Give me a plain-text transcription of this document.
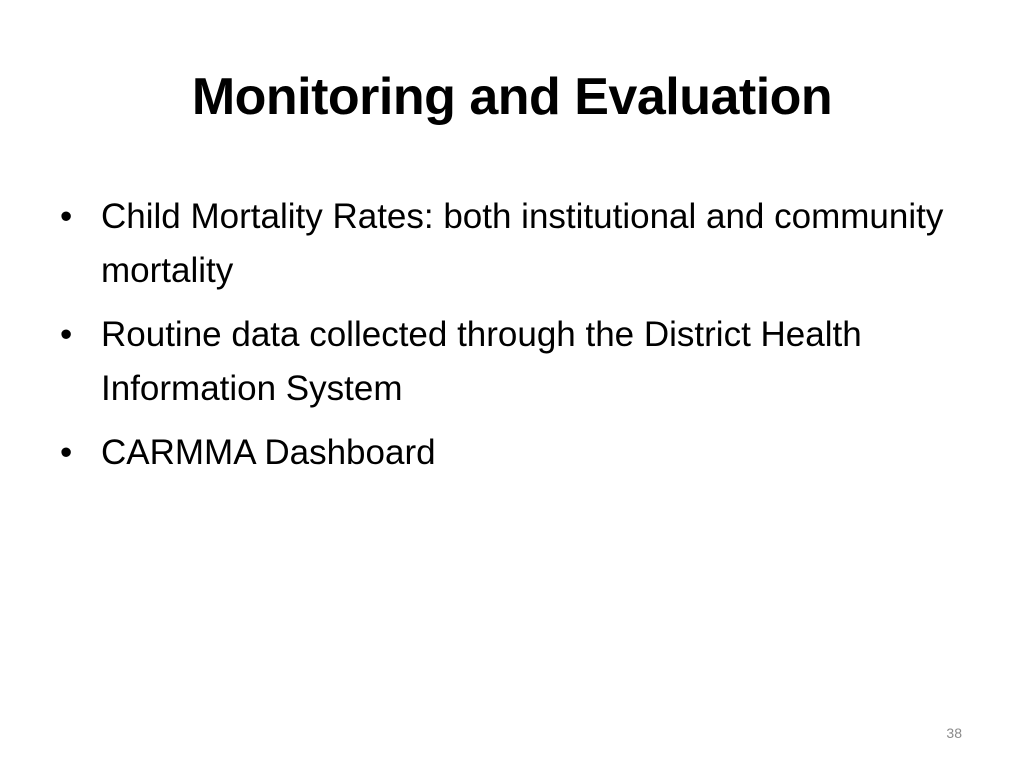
Monitoring and Evaluation
• Child Mortality Rates: both institutional and community mortality
• Routine data collected through the District Health Information System
• CARMMA Dashboard
38
